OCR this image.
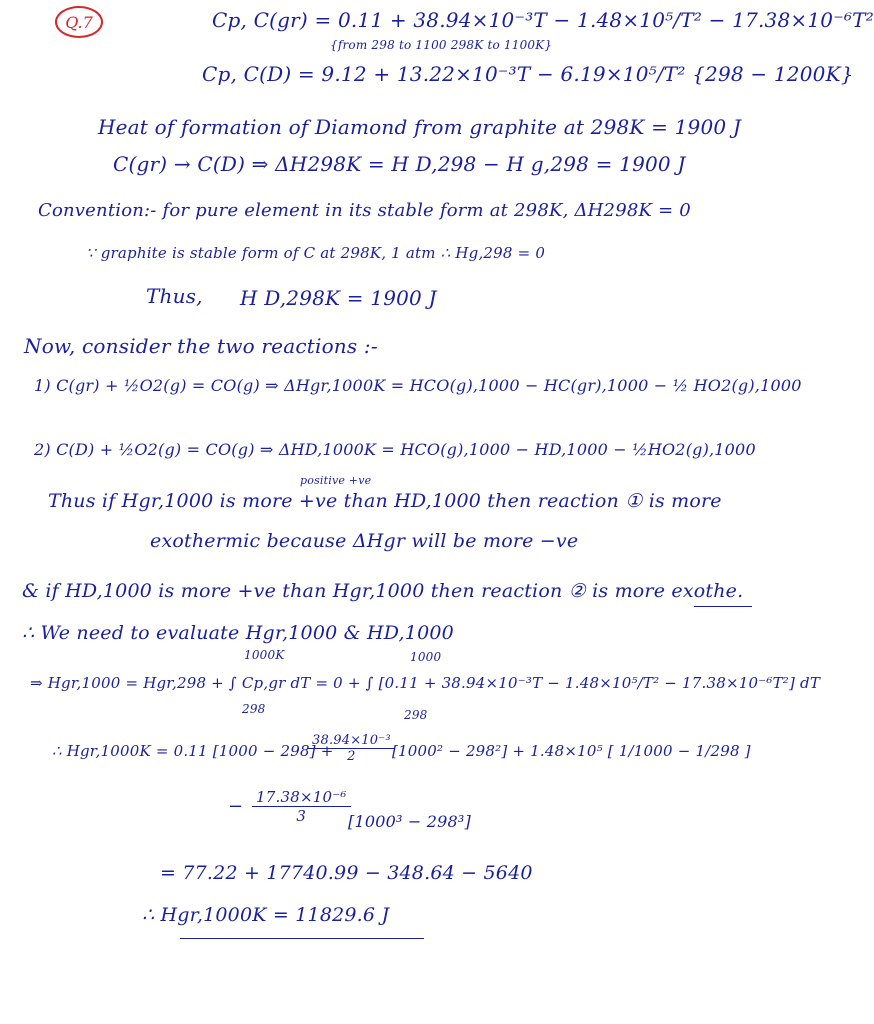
Q.7	Cp, C(gr) = 0.11 + 38.94×10⁻³T − 1.48×10⁵/T² − 17.38×10⁻⁶T²
{from 298 to 1100 298K to 1100K}
Cp, C(D) = 9.12 + 13.22×10⁻³T − 6.19×10⁵/T² {298 − 1200K}
Heat of formation of Diamond from graphite at 298K = 1900 J
C(gr) → C(D) ⇒ ΔH298K = H D,298 − H g,298 = 1900 J
Convention:- for pure element in its stable form at 298K, ΔH298K = 0
∵ graphite is stable form of C at 298K, 1 atm ∴ Hg,298 = 0
Thus, H D,298K = 1900 J
Now, consider the two reactions :-
1) C(gr) + ½O2(g) = CO(g) ⇒ ΔHgr,1000K = HCO(g),1000 − HC(gr),1000 − ½ HO2(g),1000
2) C(D) + ½O2(g) = CO(g) ⇒ ΔHD,1000K = HCO(g),1000 − HD,1000 − ½HO2(g),1000
positive +ve
Thus if Hgr,1000 is more +ve than HD,1000 then reaction ① is more
exothermic because ΔHgr will be more −ve
& if HD,1000 is more +ve than Hgr,1000 then reaction ② is more exothe.
∴ We need to evaluate Hgr,1000 & HD,1000
1000K	1000
⇒ Hgr,1000 = Hgr,298 + ∫ Cp,gr dT = 0 + ∫ [0.11 + 38.94×10⁻³T − 1.48×10⁵/T² − 17.38×10⁻⁶T²] dT
298	298
∴ Hgr,1000K = 0.11 [1000 − 298] +
$\frac{\text{38.94×10⁻³}}{2}$
[1000² − 298²] + 1.48×10⁵ [ 1/1000 − 1/298 ]
− $\frac{\text{17.38×10⁻⁶}}{3}$
[1000³ − 298³]
= 77.22 + 17740.99 − 348.64 − 5640
∴ Hgr,1000K = 11829.6 J
